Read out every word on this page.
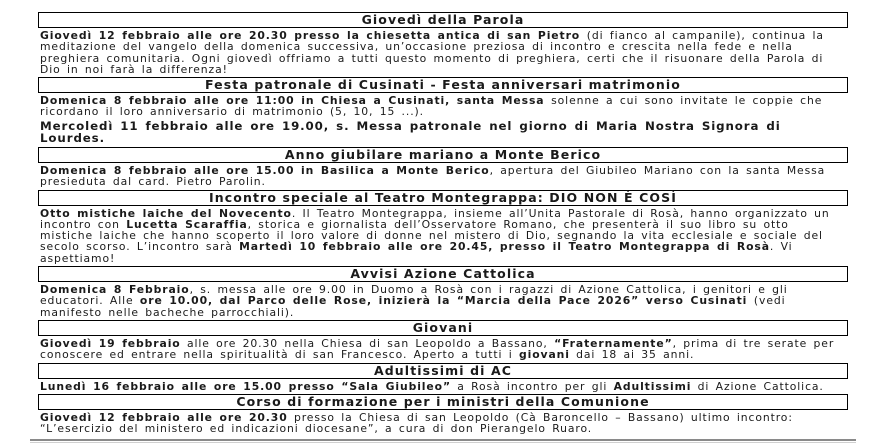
Giovedì della Parola

Giovedì 12 febbraio alle ore 20.30 presso la chiesetta antica di san Pietro (di fianco al campanile), continua la meditazione del vangelo della domenica successiva, un’occasione preziosa di incontro e crescita nella fede e nella preghiera comunitaria. Ogni giovedì offriamo a tutti questo momento di preghiera, certi che il risuonare della Parola di Dio in noi farà la differenza!

Festa patronale di Cusinati - Festa anniversari matrimonio

Domenica 8 febbraio alle ore 11:00 in Chiesa a Cusinati, santa Messa solenne a cui sono invitate le coppie che ricordano il loro anniversario di matrimonio (5, 10, 15 ...).

Mercoledì 11 febbraio alle ore 19.00, s. Messa patronale nel giorno di Maria Nostra Signora di Lourdes.

Anno giubilare mariano a Monte Berico

Domenica 8 febbraio alle ore 15.00 in Basilica a Monte Berico, apertura del Giubileo Mariano con la santa Messa presieduta dal card. Pietro Parolin.

Incontro speciale al Teatro Montegrappa: DIO NON È COSÌ

Otto mistiche laiche del Novecento. Il Teatro Montegrappa, insieme all’Unita Pastorale di Rosà, hanno organizzato un incontro con Lucetta Scaraffia, storica e giornalista dell’Osservatore Romano, che presenterà il suo libro su otto mistiche laiche che hanno scoperto il loro valore di donne nel mistero di Dio, segnando la vita ecclesiale e sociale del secolo scorso. L’incontro sarà Martedì 10 febbraio alle ore 20.45, presso il Teatro Montegrappa di Rosà. Vi aspettiamo!

Avvisi Azione Cattolica

Domenica 8 Febbraio, s. messa alle ore 9.00 in Duomo a Rosà con i ragazzi di Azione Cattolica, i genitori e gli educatori. Alle ore 10.00, dal Parco delle Rose, inizierà la “Marcia della Pace 2026” verso Cusinati (vedi manifesto nelle bacheche parrocchiali).

Giovani

Giovedì 19 febbraio alle ore 20.30 nella Chiesa di san Leopoldo a Bassano, “Fraternamente”, prima di tre serate per conoscere ed entrare nella spiritualità di san Francesco. Aperto a tutti i giovani dai 18 ai 35 anni.

Adultissimi di AC

Lunedì 16 febbraio alle ore 15.00 presso “Sala Giubileo” a Rosà incontro per gli Adultissimi di Azione Cattolica.

Corso di formazione per i ministri della Comunione

Giovedì 12 febbraio alle ore 20.30 presso la Chiesa di san Leopoldo (Cà Baroncello – Bassano) ultimo incontro: “L’esercizio del ministero ed indicazioni diocesane”, a cura di don Pierangelo Ruaro.
